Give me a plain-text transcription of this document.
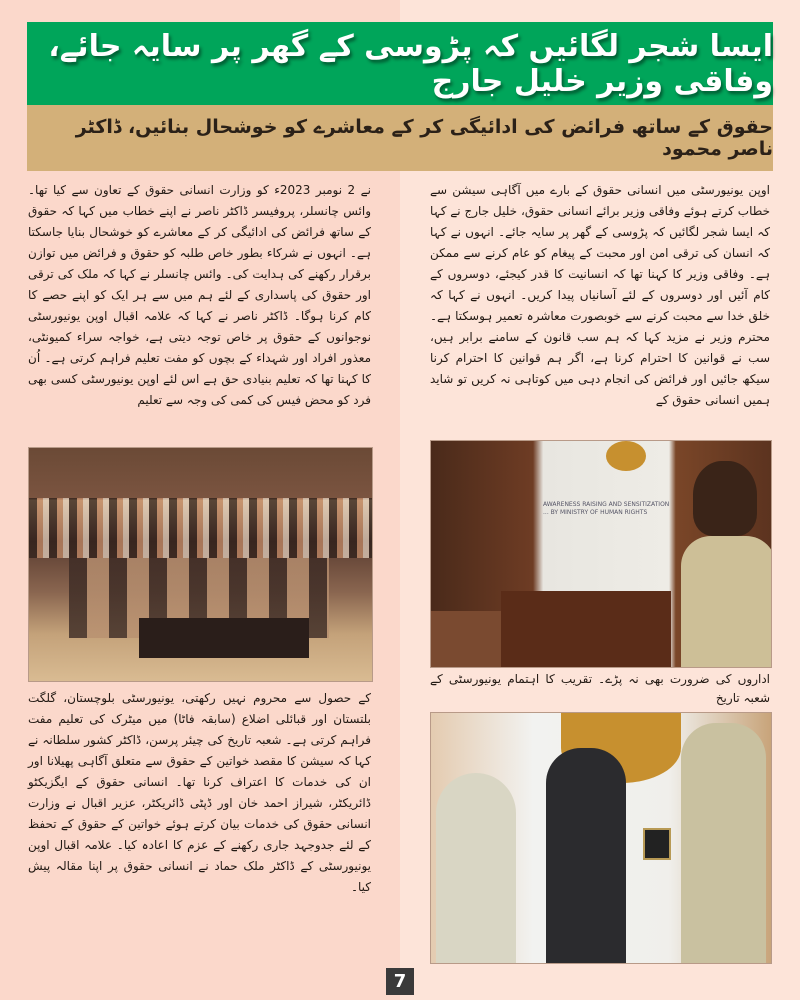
ایسا شجر لگائیں کہ پڑوسی کے گھر پر سایہ جائے، وفاقی وزیر خلیل جارج
حقوق کے ساتھ فرائض کی ادائیگی کر کے معاشرے کو خوشحال بنائیں، ڈاکٹر ناصر محمود

اوپن یونیورسٹی میں انسانی حقوق کے بارے میں آگاہی سیشن سے خطاب کرتے ہوئے وفاقی وزیر برائے انسانی حقوق، خلیل جارج نے کہا کہ ایسا شجر لگائیں کہ پڑوسی کے گھر پر سایہ جائے۔ انہوں نے کہا کہ انسان کی ترقی امن اور محبت کے پیغام کو عام کرنے سے ممکن ہے۔ وفاقی وزیر کا کہنا تھا کہ انسانیت کا قدر کیجئے، دوسروں کے کام آئیں اور دوسروں کے لئے آسانیاں پیدا کریں۔ انہوں نے کہا کہ خلق خدا سے محبت کرنے سے خوبصورت معاشرہ تعمیر ہوسکتا ہے۔ محترم وزیر نے مزید کہا کہ ہم سب قانون کے سامنے برابر ہیں، سب نے قوانین کا احترام کرنا ہے، اگر ہم قوانین کا احترام کرنا سیکھ جائیں اور فرائض کی انجام دہی میں کوتاہی نہ کریں تو شاید ہمیں انسانی حقوق کے

AWARENESS RAISING AND SENSITIZATION ... BY MINISTRY OF HUMAN RIGHTS

اداروں کی ضرورت بھی نہ پڑے۔ تقریب کا اہتمام یونیورسٹی کے شعبہ تاریخ

نے 2 نومبر 2023ء کو وزارت انسانی حقوق کے تعاون سے کیا تھا۔ وائس چانسلر، پروفیسر ڈاکٹر ناصر نے اپنے خطاب میں کہا کہ حقوق کے ساتھ فرائض کی ادائیگی کر کے معاشرے کو خوشحال بنایا جاسکتا ہے۔ انہوں نے شرکاء بطور خاص طلبہ کو حقوق و فرائض میں توازن برقرار رکھنے کی ہدایت کی۔ وائس چانسلر نے کہا کہ ملک کی ترقی اور حقوق کی پاسداری کے لئے ہم میں سے ہر ایک کو اپنے حصے کا کام کرنا ہوگا۔ ڈاکٹر ناصر نے کہا کہ علامہ اقبال اوپن یونیورسٹی نوجوانوں کے حقوق پر خاص توجہ دیتی ہے، خواجہ سراء کمیونٹی، معذور افراد اور شہداء کے بچوں کو مفت تعلیم فراہم کرتی ہے۔ اُن کا کہنا تھا کہ تعلیم بنیادی حق ہے اس لئے اوپن یونیورسٹی کسی بھی فرد کو محض فیس کی کمی کی وجہ سے تعلیم

کے حصول سے محروم نہیں رکھتی، یونیورسٹی بلوچستان، گلگت بلتستان اور قبائلی اضلاع (سابقہ فاٹا) میں میٹرک کی تعلیم مفت فراہم کرتی ہے۔ شعبہ تاریخ کی چیئر پرسن، ڈاکٹر کشور سلطانہ نے کہا کہ سیشن کا مقصد خواتین کے حقوق سے متعلق آگاہی پھیلانا اور ان کی خدمات کا اعتراف کرنا تھا۔ انسانی حقوق کے ایگزیکٹو ڈائریکٹر، شیراز احمد خان اور ڈپٹی ڈائریکٹر، عزیر اقبال نے وزارت انسانی حقوق کی خدمات بیان کرتے ہوئے خواتین کے حقوق کے تحفظ کے لئے جدوجہد جاری رکھنے کے عزم کا اعادہ کیا۔ علامہ اقبال اوپن یونیورسٹی کے ڈاکٹر ملک حماد نے انسانی حقوق پر اپنا مقالہ پیش کیا۔

7
